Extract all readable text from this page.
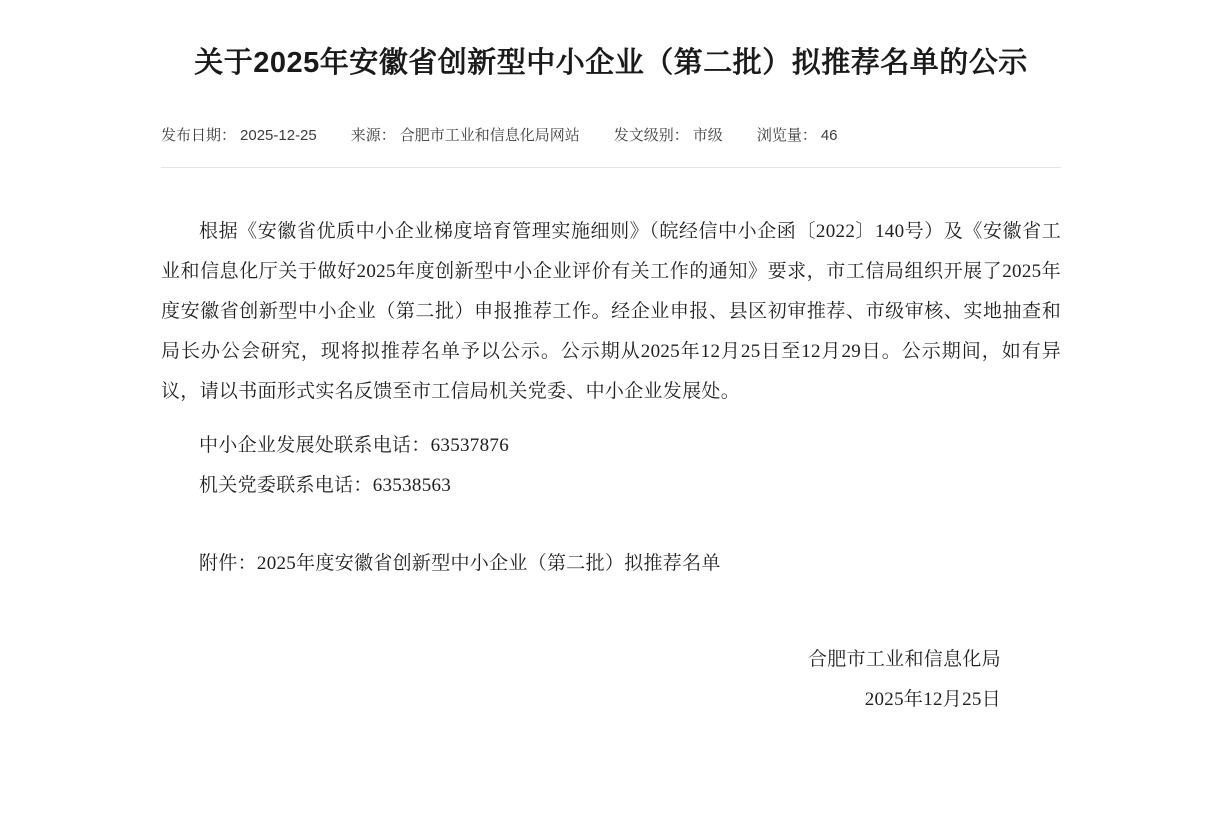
关于2025年安徽省创新型中小企业（第二批）拟推荐名单的公示
发布日期： 2025-12-25 来源： 合肥市工业和信息化局网站 发文级别： 市级 浏览量： 46

根据《安徽省优质中小企业梯度培育管理实施细则》（皖经信中小企函〔2022〕140号）及《安徽省工业和信息化厅关于做好2025年度创新型中小企业评价有关工作的通知》要求，市工信局组织开展了2025年度安徽省创新型中小企业（第二批）申报推荐工作。经企业申报、县区初审推荐、市级审核、实地抽查和局长办公会研究，现将拟推荐名单予以公示。公示期从2025年12月25日至12月29日。公示期间，如有异议，请以书面形式实名反馈至市工信局机关党委、中小企业发展处。

中小企业发展处联系电话：63537876

机关党委联系电话：63538563

附件：2025年度安徽省创新型中小企业（第二批）拟推荐名单

合肥市工业和信息化局
2025年12月25日
